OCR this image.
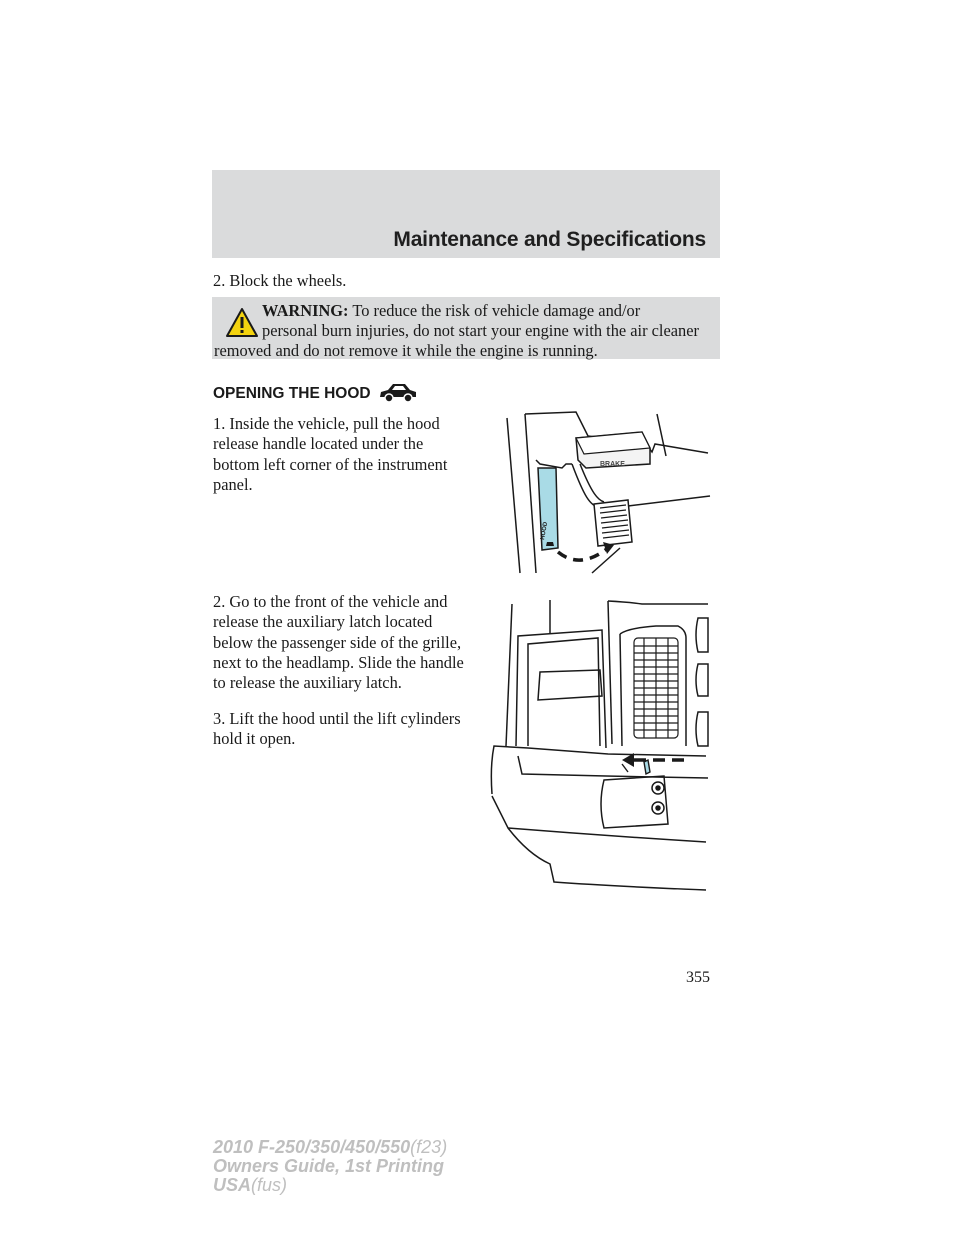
Maintenance and Specifications

2. Block the wheels.

WARNING: To reduce the risk of vehicle damage and/or
personal burn injuries, do not start your engine with the air cleaner removed and do not remove it while the engine is running.
OPENING THE HOOD

1. Inside the vehicle, pull the hood release handle located under the bottom left corner of the instrument panel.

2. Go to the front of the vehicle and release the auxiliary latch located below the passenger side of the grille, next to the headlamp. Slide the handle to release the auxiliary latch.

3. Lift the hood until the lift cylinders hold it open.

BRAKE
HOOD
355
2010 F-250/350/450/550(f23)
Owners Guide, 1st Printing
USA(fus)
